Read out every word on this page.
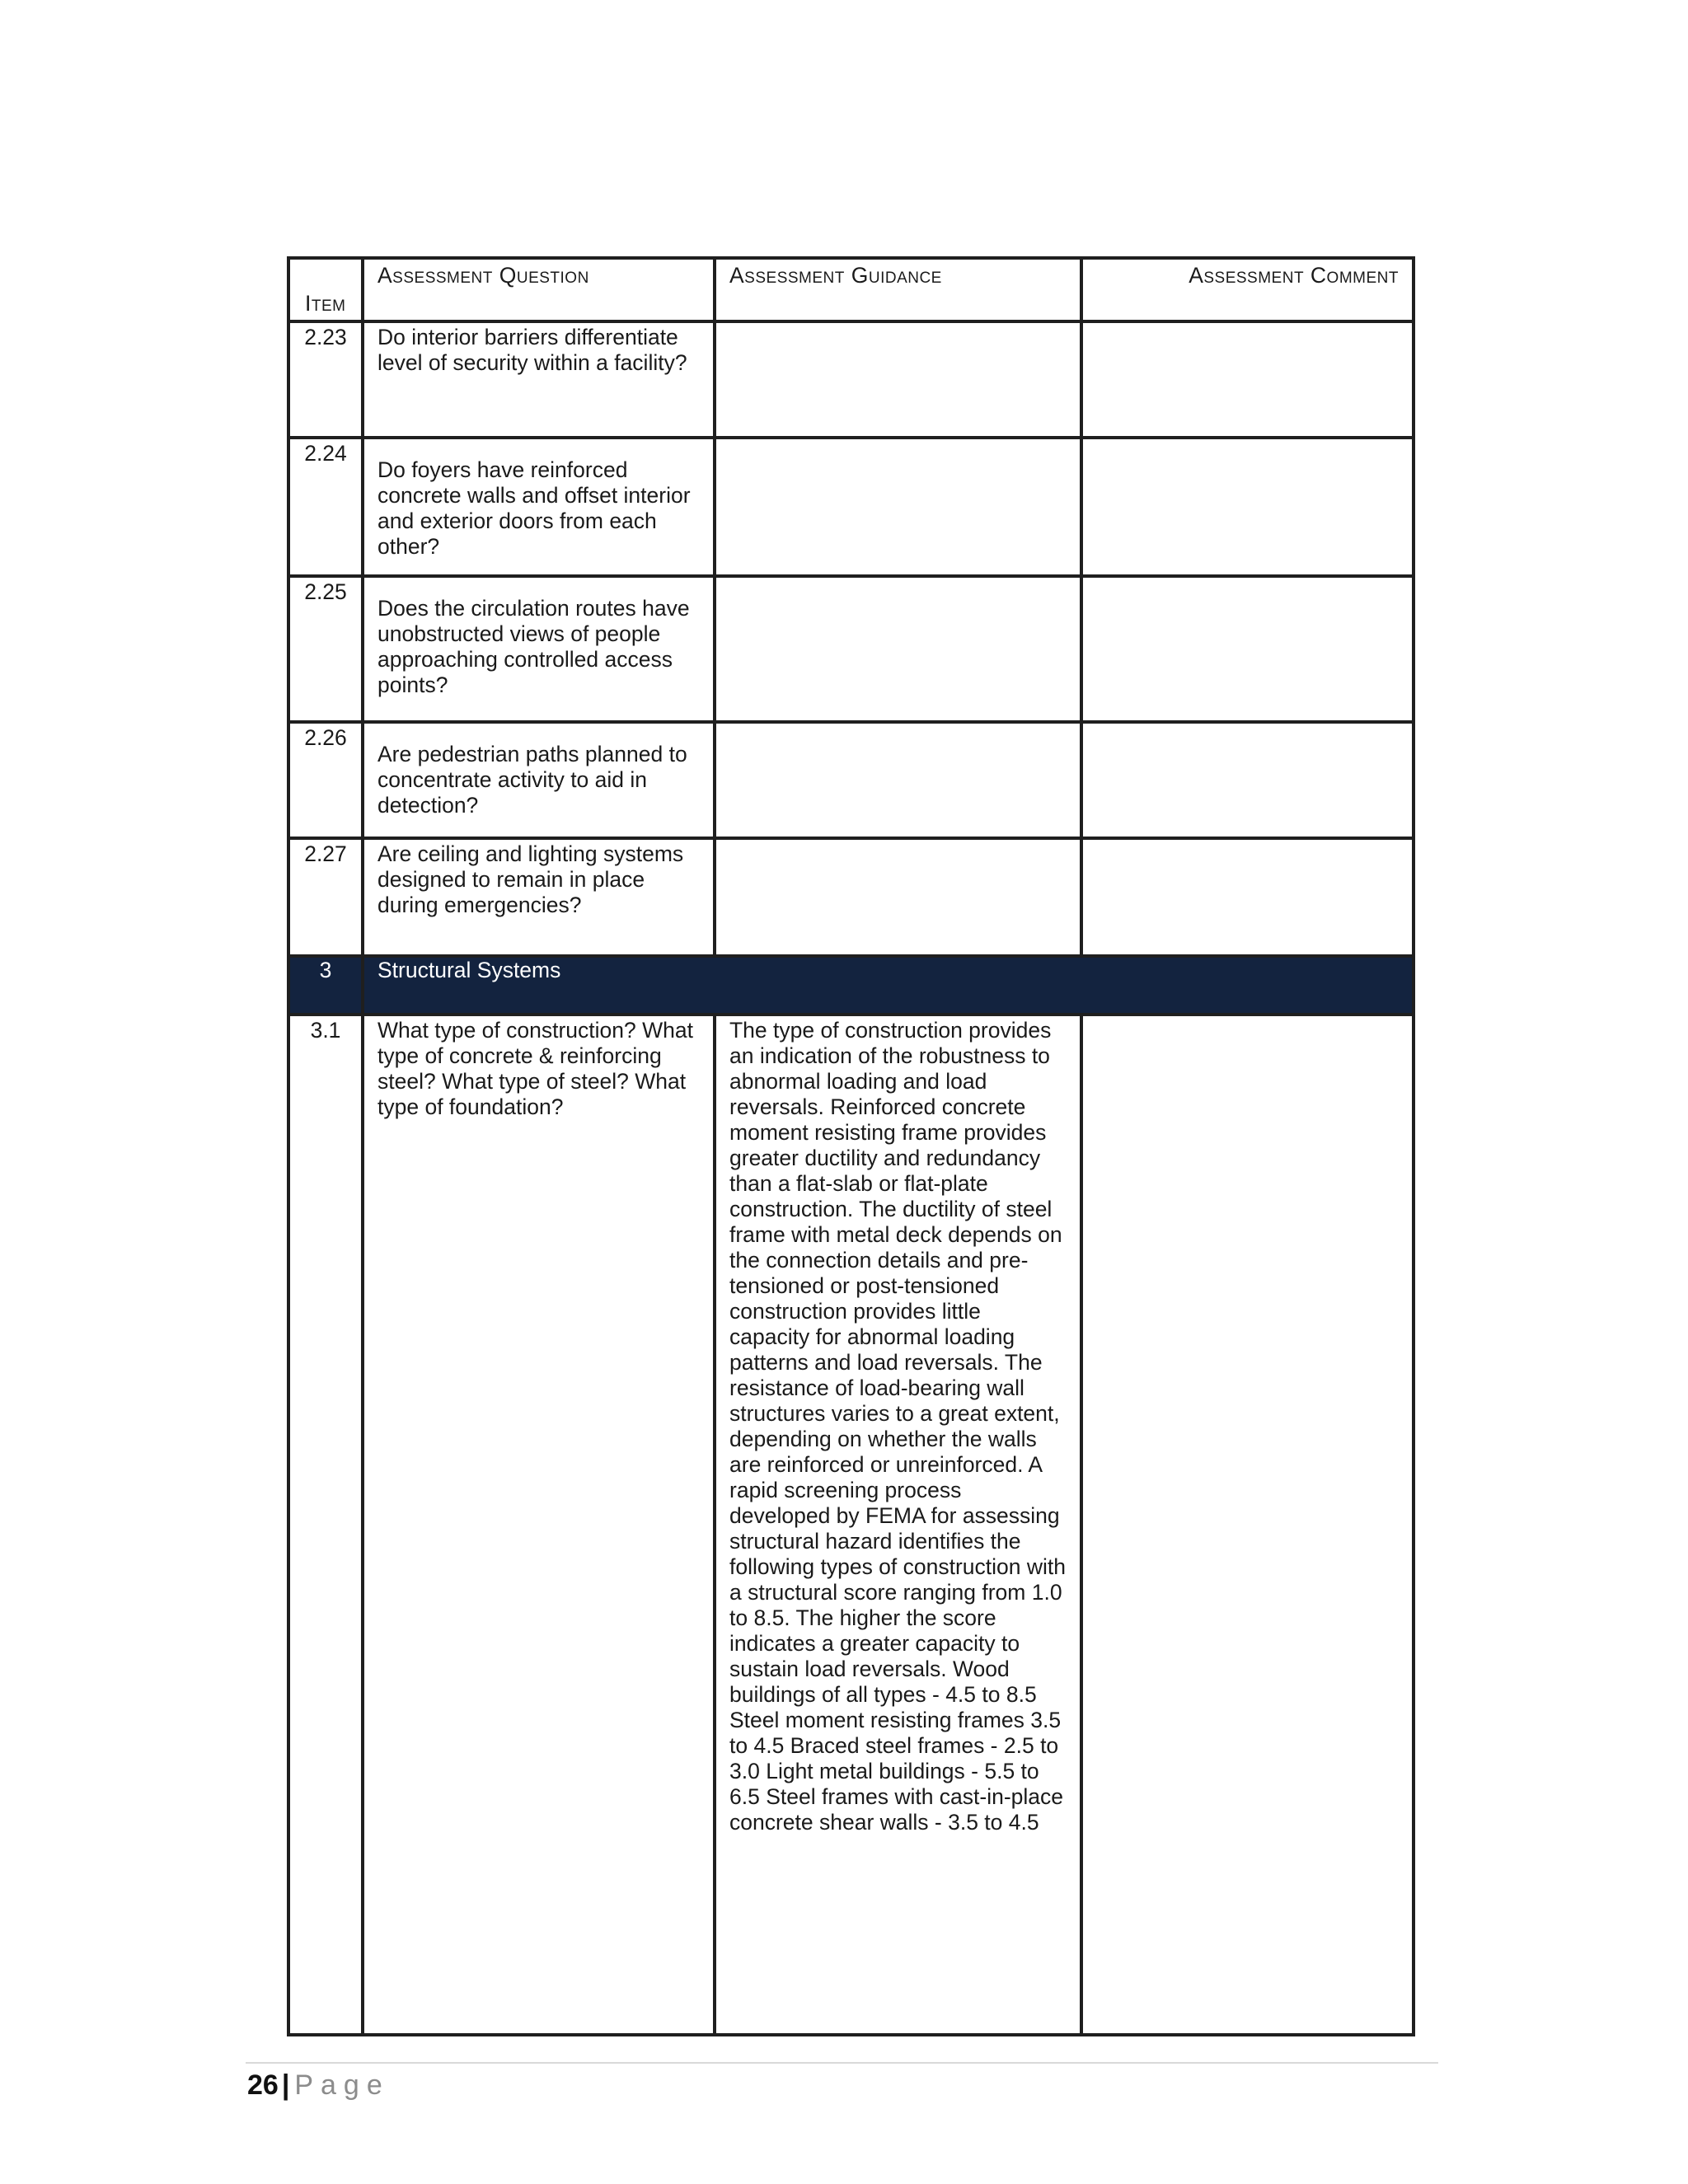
Item	Assessment Question	Assessment Guidance	Assessment Comment
2.23	Do interior barriers differentiate level of security within a facility?		
2.24	Do foyers have reinforced concrete walls and offset interior and exterior doors from each other?		
2.25	Does the circulation routes have unobstructed views of people approaching controlled access points?		
2.26	Are pedestrian paths planned to concentrate activity to aid in detection?		
2.27	Are ceiling and lighting systems designed to remain in place during emergencies?		
3	Structural Systems		
3.1	What type of construction? What type of concrete & reinforcing steel? What type of steel? What type of foundation?	The type of construction provides an indication of the robustness to abnormal loading and load reversals. Reinforced concrete moment resisting frame provides greater ductility and redundancy than a flat-slab or flat-plate construction. The ductility of steel frame with metal deck depends on the connection details and pre-tensioned or post-tensioned construction provides little capacity for abnormal loading patterns and load reversals. The resistance of load-bearing wall structures varies to a great extent, depending on whether the walls are reinforced or unreinforced. A rapid screening process developed by FEMA for assessing structural hazard identifies the following types of construction with a structural score ranging from 1.0 to 8.5. The higher the score indicates a greater capacity to sustain load reversals. Wood buildings of all types - 4.5 to 8.5 Steel moment resisting frames 3.5 to 4.5 Braced steel frames - 2.5 to 3.0 Light metal buildings - 5.5 to 6.5 Steel frames with cast-in-place concrete shear walls - 3.5 to 4.5	
26 | Page
